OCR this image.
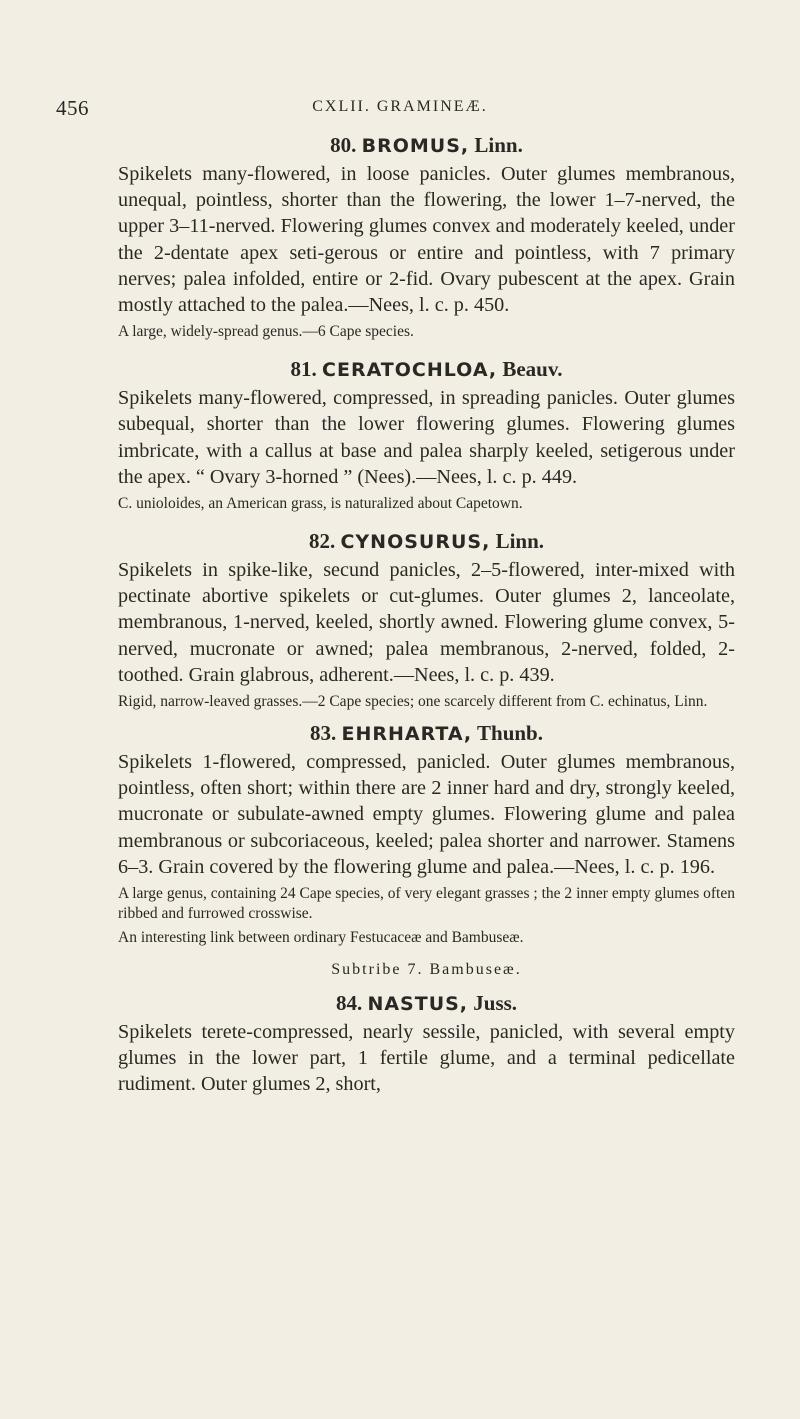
456	CXLII. GRAMINEÆ.
80. BROMUS, Linn.

Spikelets many-flowered, in loose panicles. Outer glumes membranous, unequal, pointless, shorter than the flowering, the lower 1–7-nerved, the upper 3–11-nerved. Flowering glumes convex and moderately keeled, under the 2-dentate apex seti-gerous or entire and pointless, with 7 primary nerves; palea infolded, entire or 2-fid. Ovary pubescent at the apex. Grain mostly attached to the palea.—Nees, l. c. p. 450.

A large, widely-spread genus.—6 Cape species.

81. CERATOCHLOA, Beauv.

Spikelets many-flowered, compressed, in spreading panicles. Outer glumes subequal, shorter than the lower flowering glumes. Flowering glumes imbricate, with a callus at base and palea sharply keeled, setigerous under the apex. “ Ovary 3-horned ” (Nees).—Nees, l. c. p. 449.

C. unioloides, an American grass, is naturalized about Capetown.

82. CYNOSURUS, Linn.

Spikelets in spike-like, secund panicles, 2–5-flowered, inter-mixed with pectinate abortive spikelets or cut-glumes. Outer glumes 2, lanceolate, membranous, 1-nerved, keeled, shortly awned. Flowering glume convex, 5-nerved, mucronate or awned; palea membranous, 2-nerved, folded, 2-toothed. Grain glabrous, adherent.—Nees, l. c. p. 439.

Rigid, narrow-leaved grasses.—2 Cape species; one scarcely different from C. echinatus, Linn.

83. EHRHARTA, Thunb.

Spikelets 1-flowered, compressed, panicled. Outer glumes membranous, pointless, often short; within there are 2 inner hard and dry, strongly keeled, mucronate or subulate-awned empty glumes. Flowering glume and palea membranous or subcoriaceous, keeled; palea shorter and narrower. Stamens 6–3. Grain covered by the flowering glume and palea.—Nees, l. c. p. 196.

A large genus, containing 24 Cape species, of very elegant grasses ; the 2 inner empty glumes often ribbed and furrowed crosswise.

An interesting link between ordinary Festucaceæ and Bambuseæ.

Subtribe 7. Bambuseæ.

84. NASTUS, Juss.

Spikelets terete-compressed, nearly sessile, panicled, with several empty glumes in the lower part, 1 fertile glume, and a terminal pedicellate rudiment. Outer glumes 2, short,
